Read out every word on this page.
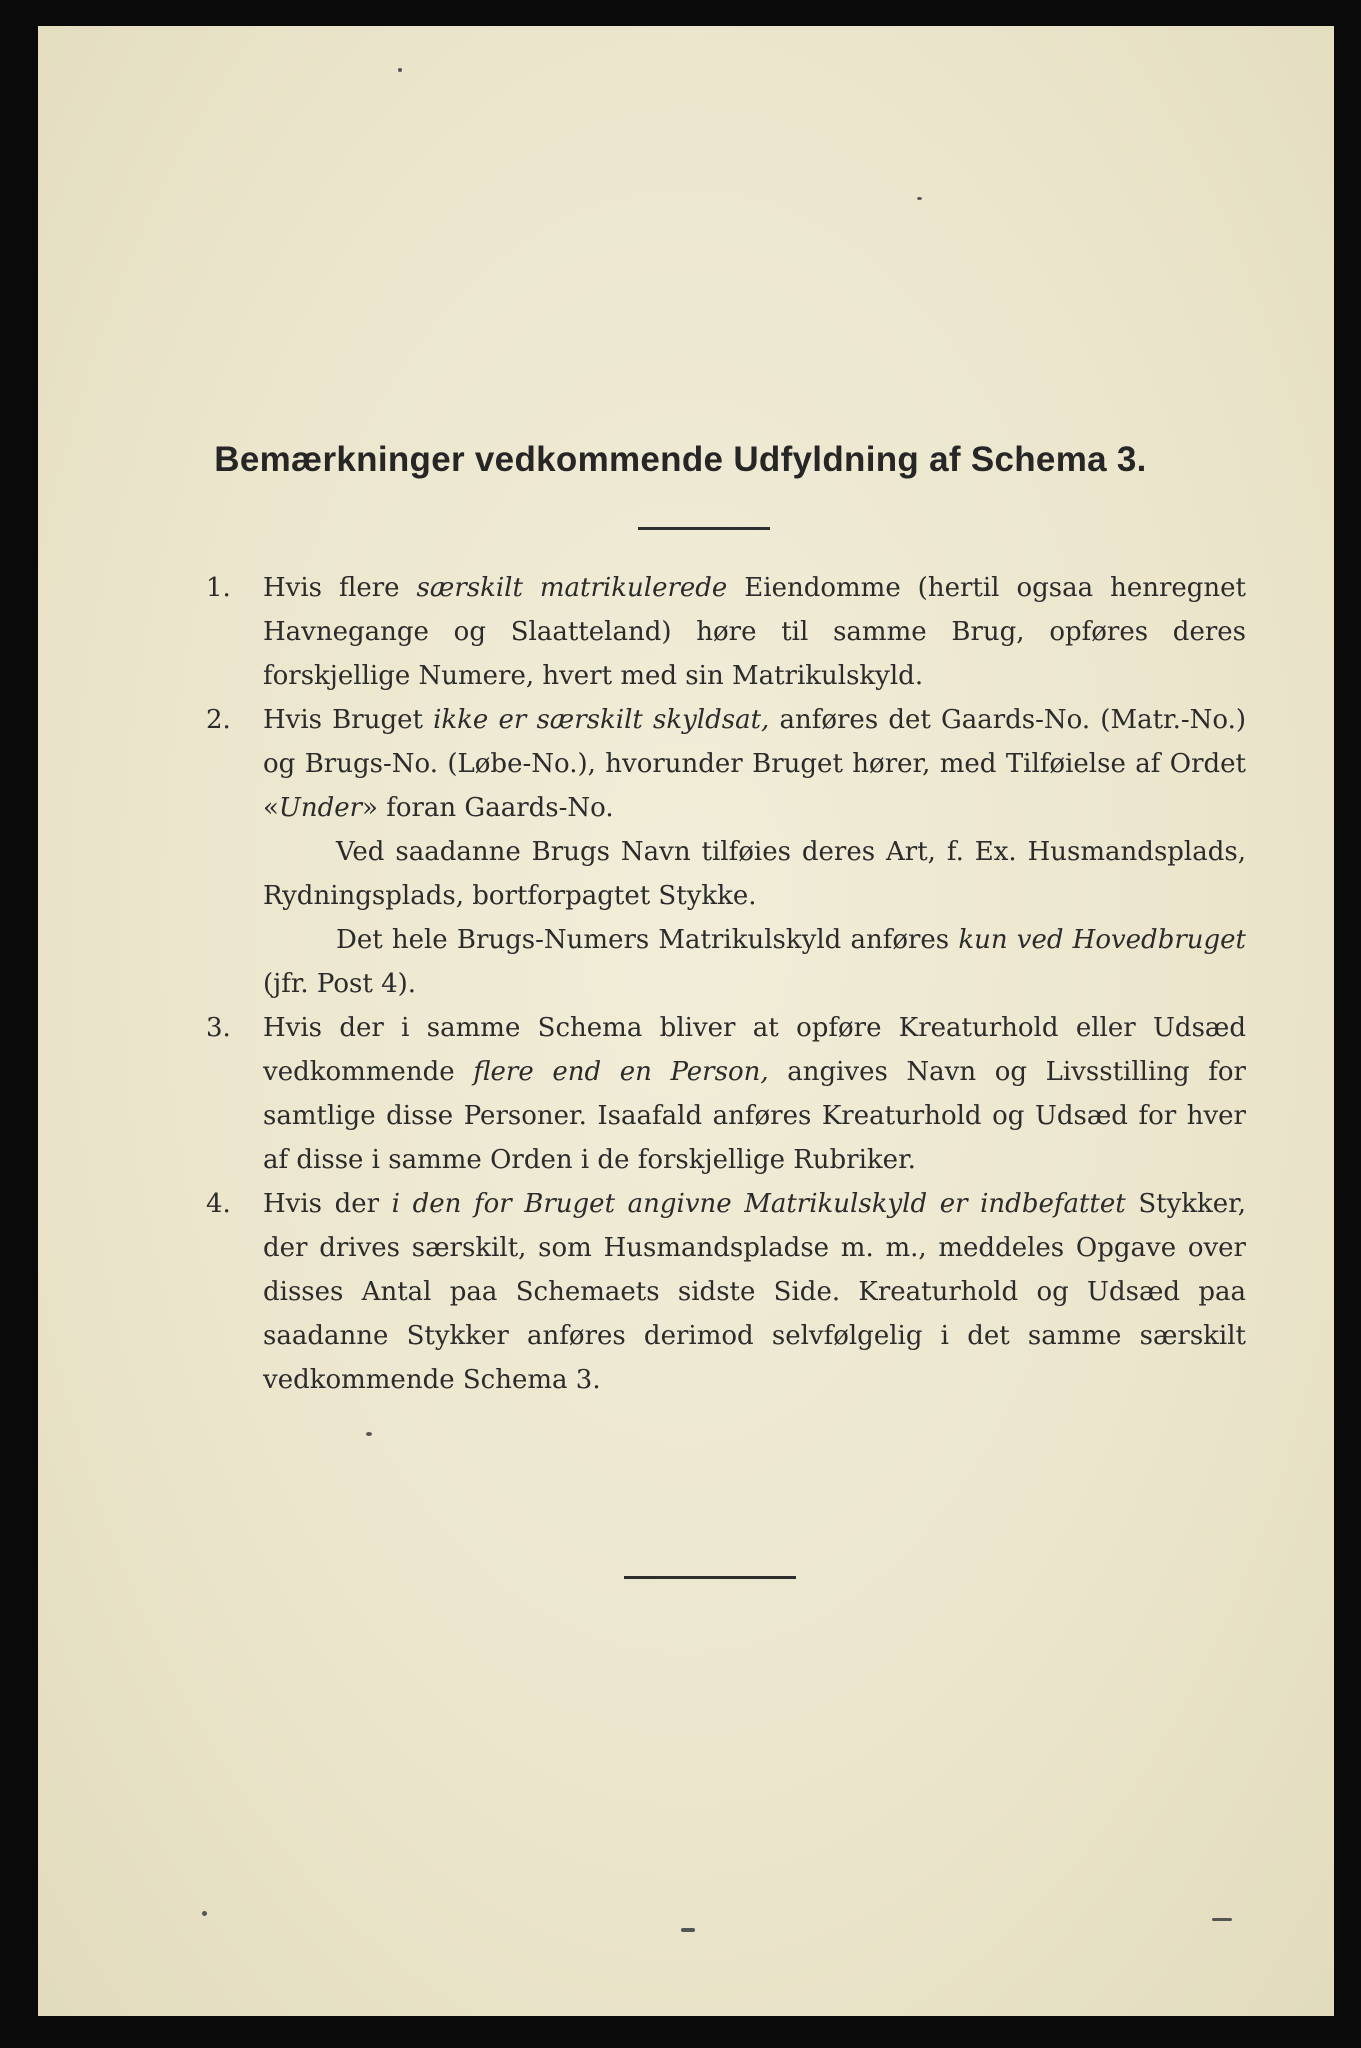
Bemærkninger vedkommende Udfyldning af Schema 3.
1. Hvis flere særskilt matrikulerede Eiendomme (hertil ogsaa henregnet Havnegange og Slaatteland) høre til samme Brug, opføres deres forskjellige Numere, hvert med sin Matrikulskyld.
2. Hvis Bruget ikke er særskilt skyldsat, anføres det Gaards-No. (Matr.-No.) og Brugs-No. (Løbe-No.), hvorunder Bruget hører, med Tilføielse af Ordet «Under» foran Gaards-No.
Ved saadanne Brugs Navn tilføies deres Art, f. Ex. Husmandsplads, Rydningsplads, bortforpagtet Stykke.
Det hele Brugs-Numers Matrikulskyld anføres kun ved Hovedbruget (jfr. Post 4).
3. Hvis der i samme Schema bliver at opføre Kreaturhold eller Udsæd vedkommende flere end en Person, angives Navn og Livsstilling for samtlige disse Personer. Isaafald anføres Kreaturhold og Udsæd for hver af disse i samme Orden i de forskjellige Rubriker.
4. Hvis der i den for Bruget angivne Matrikulskyld er indbefattet Stykker, der drives særskilt, som Husmandspladse m. m., meddeles Opgave over disses Antal paa Schemaets sidste Side. Kreaturhold og Udsæd paa saadanne Stykker anføres derimod selvfølgelig i det samme særskilt vedkommende Schema 3.
